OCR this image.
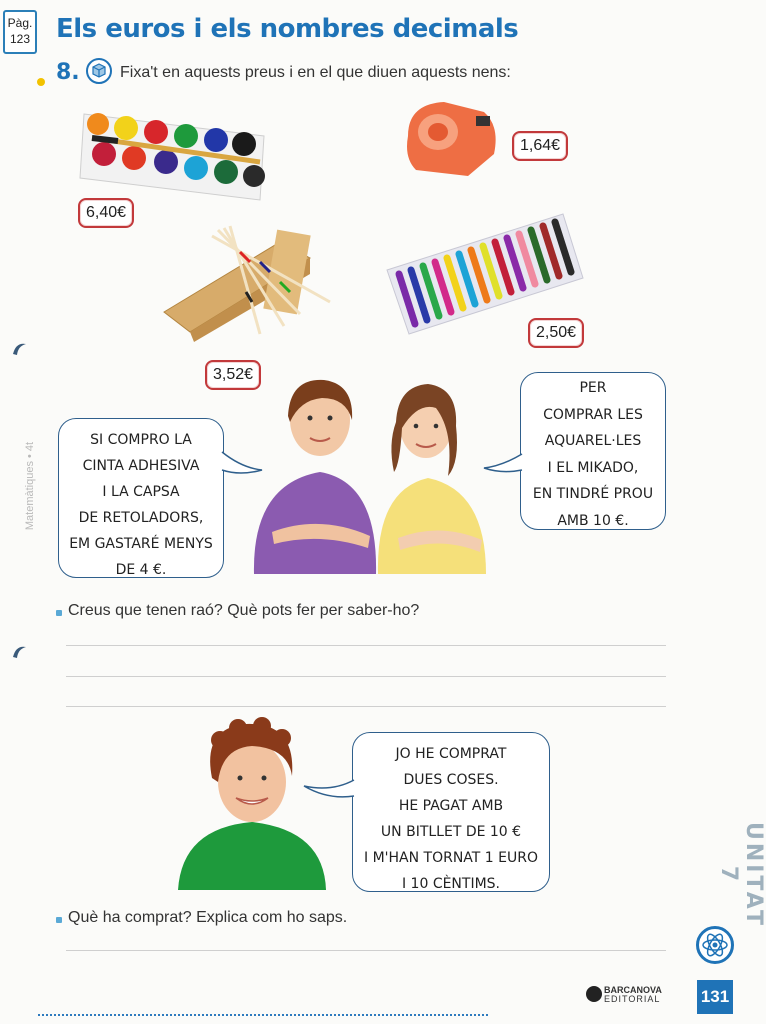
Pàg.
123 Els euros i els nombres decimals
8.	Fixa't en aquests preus i en el que diuen aquests nens:
6,40€
1,64€
3,52€
2,50€
Matemàtiques • 4t
SI COMPRO LA
CINTA ADHESIVA
I LA CAPSA
DE RETOLADORS,
EM GASTARÉ MENYS
DE 4 €.
PER
COMPRAR LES
AQUAREL·LES
I EL MIKADO,
EN TINDRÉ PROU
AMB 10 €.
Creus que tenen raó? Què pots fer per saber-ho?
JO HE COMPRAT
DUES COSES.
HE PAGAT AMB
UN BITLLET DE 10 €
I M'HAN TORNAT 1 EURO
I 10 CÈNTIMS.
Què ha comprat? Explica com ho saps.	UNITAT 7
BARCANOVA
EDITORIAL 131
